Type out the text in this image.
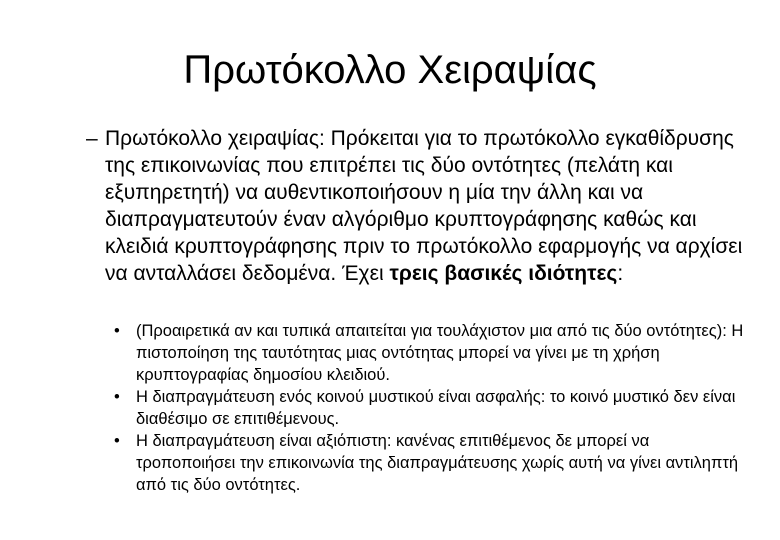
Πρωτόκολλο Χειραψίας
– Πρωτόκολλο χειραψίας: Πρόκειται για το πρωτόκολλο εγκαθίδρυσης της επικοινωνίας που επιτρέπει τις δύο οντότητες (πελάτη και εξυπηρετητή) να αυθεντικοποιήσουν η μία την άλλη και να διαπραγματευτούν έναν αλγόριθμο κρυπτογράφησης καθώς και κλειδιά κρυπτογράφησης πριν το πρωτόκολλο εφαρμογής να αρχίσει να ανταλλάσει δεδομένα. Έχει τρεις βασικές ιδιότητες:
• (Προαιρετικά αν και τυπικά απαιτείται για τουλάχιστον μια από τις δύο οντότητες): Η πιστοποίηση της ταυτότητας μιας οντότητας μπορεί να γίνει με τη χρήση κρυπτογραφίας δημοσίου κλειδιού.
• Η διαπραγμάτευση ενός κοινού μυστικού είναι ασφαλής: το κοινό μυστικό δεν είναι διαθέσιμο σε επιτιθέμενους.
• Η διαπραγμάτευση είναι αξιόπιστη: κανένας επιτιθέμενος δε μπορεί να τροποποιήσει την επικοινωνία της διαπραγμάτευσης χωρίς αυτή να γίνει αντιληπτή από τις δύο οντότητες.
